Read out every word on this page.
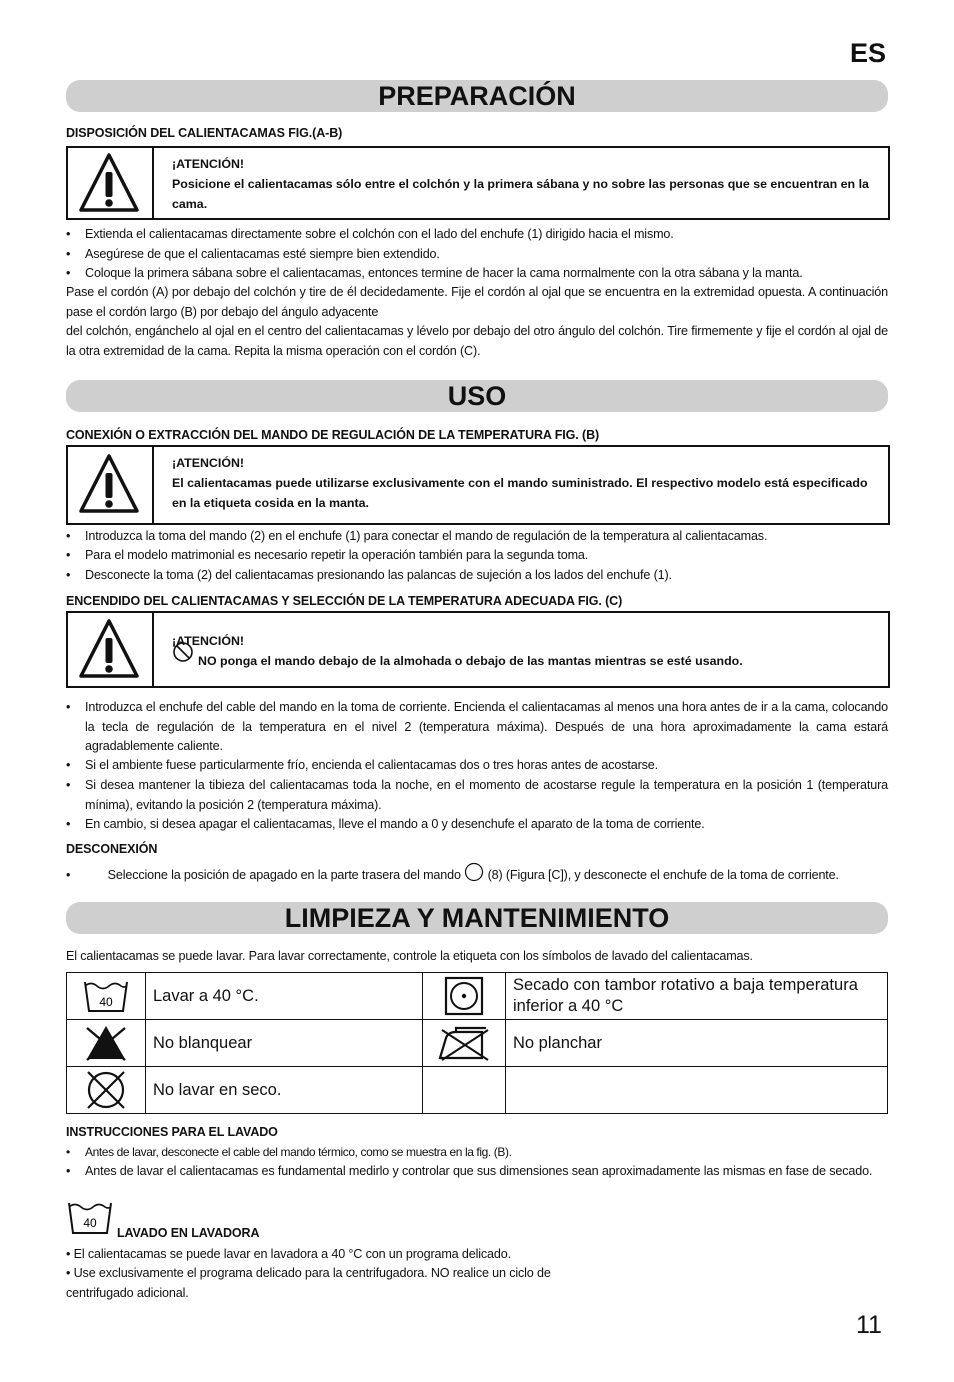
ES
PREPARACIÓN
DISPOSICIÓN DEL CALIENTACAMAS FIG.(A-B)
¡ATENCIÓN!
Posicione el calientacamas sólo entre el colchón y la primera sábana y no sobre las personas que se encuentran en la cama.
• Extienda el calientacamas directamente sobre el colchón con el lado del enchufe (1) dirigido hacia el mismo.
• Asegúrese de que el calientacamas esté siempre bien extendido.
• Coloque la primera sábana sobre el calientacamas, entonces termine de hacer la cama normalmente con la otra sábana y la manta.
Pase el cordón (A) por debajo del colchón y tire de él decidedamente. Fije el cordón al ojal que se encuentra en la extremidad opuesta. A continuación pase el cordón largo (B) por debajo del ángulo adyacente
del colchón, engánchelo al ojal en el centro del calientacamas y lévelo por debajo del otro ángulo del colchón. Tire firmemente y fije el cordón al ojal de la otra extremidad de la cama. Repita la misma operación con el cordón (C).
USO
CONEXIÓN O EXTRACCIÓN DEL MANDO DE REGULACIÓN DE LA TEMPERATURA FIG. (B)
¡ATENCIÓN!
El calientacamas puede utilizarse exclusivamente con el mando suministrado. El respectivo modelo está especificado en la etiqueta cosida en la manta.
• Introduzca la toma del mando (2) en el enchufe (1) para conectar el mando de regulación de la temperatura al calientacamas.
• Para el modelo matrimonial es necesario repetir la operación también para la segunda toma.
• Desconecte la toma (2) del calientacamas presionando las palancas de sujeción a los lados del enchufe (1).
ENCENDIDO DEL CALIENTACAMAS Y SELECCIÓN DE LA TEMPERATURA ADECUADA FIG. (C)
¡ATENCIÓN!
NO ponga el mando debajo de la almohada o debajo de las mantas mientras se esté usando.
• Introduzca el enchufe del cable del mando en la toma de corriente. Encienda el calientacamas al menos una hora antes de ir a la cama, colocando la tecla de regulación de la temperatura en el nivel 2 (temperatura máxima). Después de una hora aproximadamente la cama estará agradablemente caliente.
• Si el ambiente fuese particularmente frío, encienda el calientacamas dos o tres horas antes de acostarse.
• Si desea mantener la tibieza del calientacamas toda la noche, en el momento de acostarse regule la temperatura en la posición 1 (temperatura mínima), evitando la posición 2 (temperatura máxima).
• En cambio, si desea apagar el calientacamas, lleve el mando a 0 y desenchufe el aparato de la toma de corriente.
DESCONEXIÓN
•	Seleccione la posición de apagado en la parte trasera del mando (8) (Figura [C]), y desconecte el enchufe de la toma de corriente.
LIMPIEZA Y MANTENIMIENTO
El calientacamas se puede lavar. Para lavar correctamente, controle la etiqueta con los símbolos de lavado del calientacamas.
40	Lavar a 40 °C.		Secado con tambor rotativo a baja temperatura inferior a 40 °C

	No blanquear		No planchar

	No lavar en seco.		
INSTRUCCIONES PARA EL LAVADO
• Antes de lavar, desconecte el cable del mando térmico, como se muestra en la fig. (B).
• Antes de lavar el calientacamas es fundamental medirlo y controlar que sus dimensiones sean aproximadamente las mismas en fase de secado.
40
LAVADO EN LAVADORA
• El calientacamas se puede lavar en lavadora a 40 °C con un programa delicado.
• Use exclusivamente el programa delicado para la centrifugadora. NO realice un ciclo de
centrifugado adicional.
11
